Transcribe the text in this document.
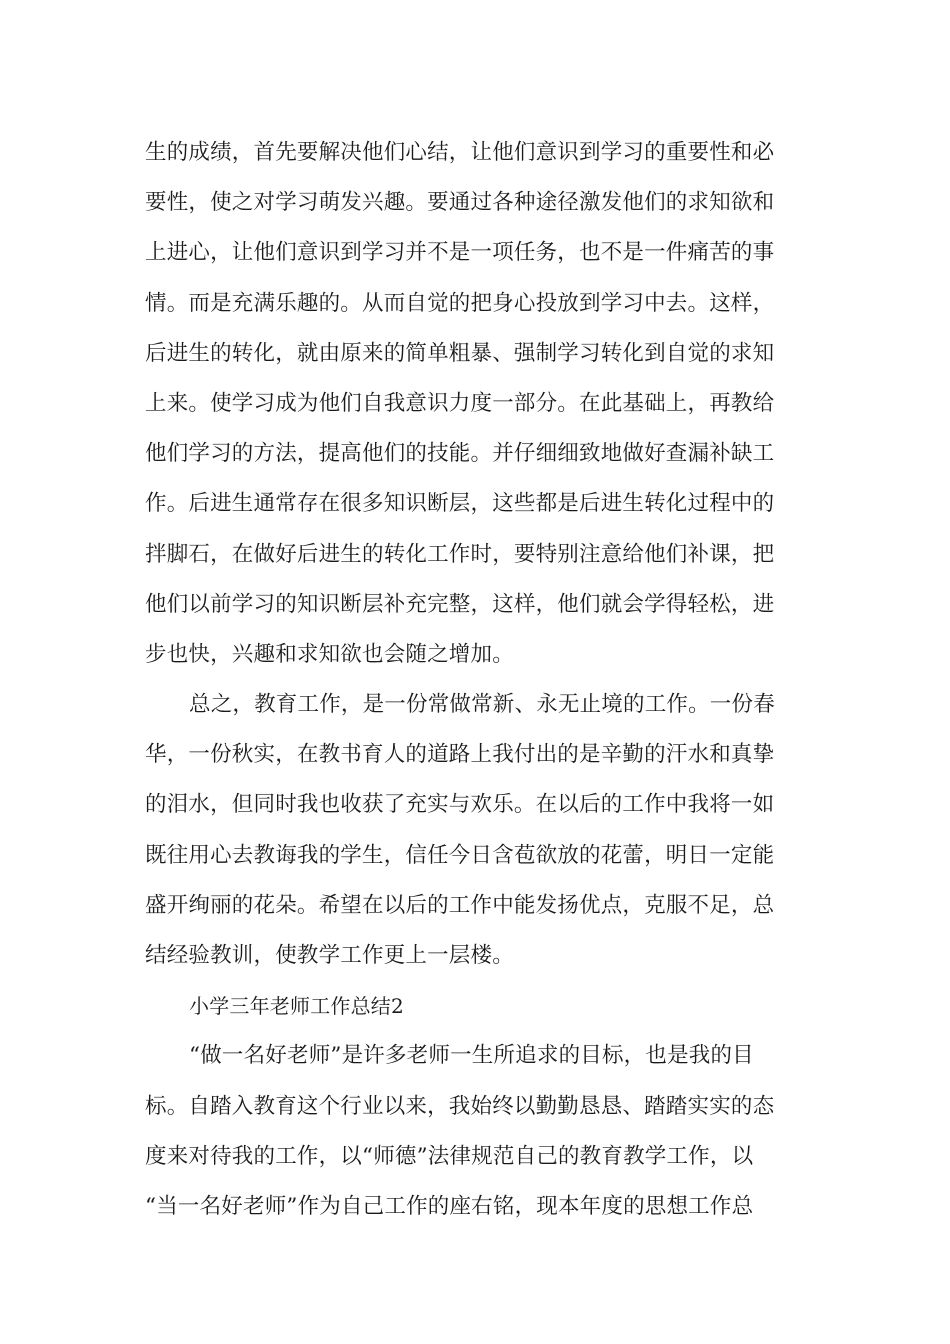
生的成绩，首先要解决他们心结，让他们意识到学习的重要性和必
要性，使之对学习萌发兴趣。要通过各种途径激发他们的求知欲和
上进心，让他们意识到学习并不是一项任务，也不是一件痛苦的事
情。而是充满乐趣的。从而自觉的把身心投放到学习中去。这样，
后进生的转化，就由原来的简单粗暴、强制学习转化到自觉的求知
上来。使学习成为他们自我意识力度一部分。在此基础上，再教给
他们学习的方法，提高他们的技能。并仔细细致地做好查漏补缺工
作。后进生通常存在很多知识断层，这些都是后进生转化过程中的
拌脚石，在做好后进生的转化工作时，要特别注意给他们补课，把
他们以前学习的知识断层补充完整，这样，他们就会学得轻松，进
步也快，兴趣和求知欲也会随之增加。
总之，教育工作，是一份常做常新、永无止境的工作。一份春
华，一份秋实，在教书育人的道路上我付出的是辛勤的汗水和真挚
的泪水，但同时我也收获了充实与欢乐。在以后的工作中我将一如
既往用心去教诲我的学生，信任今日含苞欲放的花蕾，明日一定能
盛开绚丽的花朵。希望在以后的工作中能发扬优点，克服不足，总
结经验教训，使教学工作更上一层楼。
小学三年老师工作总结2
“做一名好老师”是许多老师一生所追求的目标，也是我的目
标。自踏入教育这个行业以来，我始终以勤勤恳恳、踏踏实实的态
度来对待我的工作，以“师德”法律规范自己的教育教学工作，以
“当一名好老师”作为自己工作的座右铭，现本年度的思想工作总
